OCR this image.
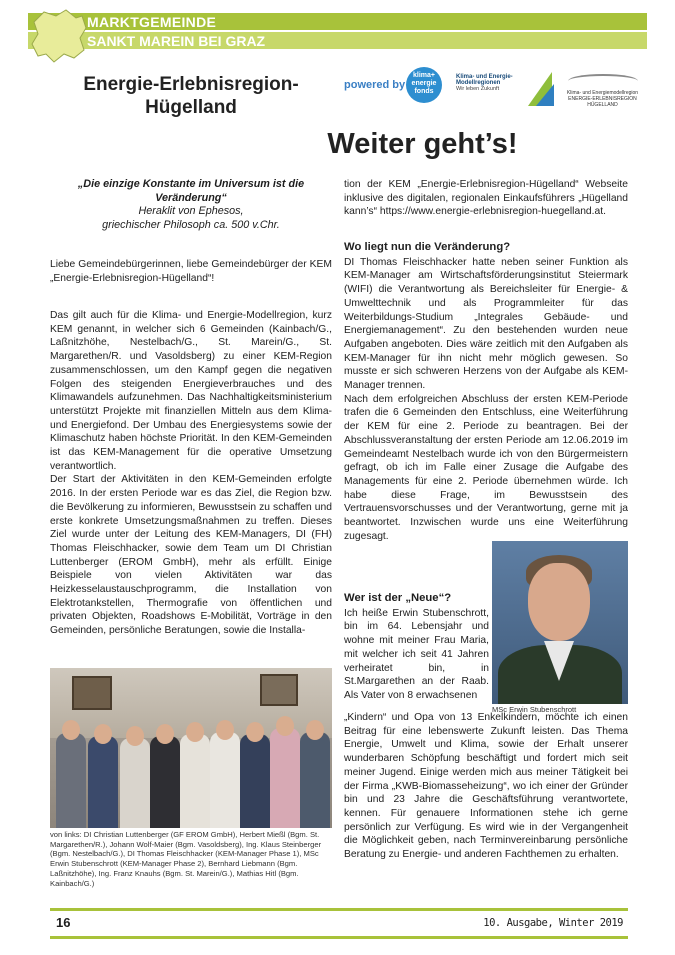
MARKTGEMEINDE
SANKT MAREIN BEI GRAZ
Energie-Erlebnisregion-Hügelland
powered by
klima+ energie fonds
Klima- und Energie-
Modellregionen
Wir leben Zukunft
Klima- und Energiemodellregion
ENERGIE-ERLEBNISREGION
HÜGELLAND
Weiter geht’s!
„Die einzige Konstante im Universum ist die Veränderung“
Heraklit von Ephesos,
griechischer Philosoph ca. 500 v.Chr.
Liebe Gemeindebürgerinnen, liebe Gemeindebürger der KEM „Energie-Erlebnisregion-Hügelland“!

Das gilt auch für die Klima- und Energie-Modellregion, kurz KEM genannt, in welcher sich 6 Gemeinden (Kainbach/G., Laßnitzhöhe, Nestelbach/G., St. Marein/G., St. Margarethen/R. und Vasoldsberg) zu einer KEM-Region zusammenschlossen, um den Kampf gegen die negativen Folgen des steigenden Energieverbrauches und des Klimawandels aufzunehmen. Das Nachhaltigkeitsministerium unterstützt Projekte mit finanziellen Mitteln aus dem Klima- und Energiefond. Der Umbau des Energiesystems sowie der Klimaschutz haben höchste Priorität. In den KEM-Gemeinden ist das KEM-Management für die operative Umsetzung verantwortlich.

Der Start der Aktivitäten in den KEM-Gemeinden erfolgte 2016. In der ersten Periode war es das Ziel, die Region bzw. die Bevölkerung zu informieren, Bewusstsein zu schaffen und erste konkrete Umsetzungsmaßnahmen zu treffen. Dieses Ziel wurde unter der Leitung des KEM-Managers, DI (FH) Thomas Fleischhacker, sowie dem Team um DI Christian Luttenberger (EROM GmbH), mehr als erfüllt. Einige Beispiele von vielen Aktivitäten war das Heizkesselaustauschprogramm, die Installation von Elektrotankstellen, Thermografie von öffentlichen und privaten Objekten, Roadshows E-Mobilität, Vorträge in den Gemeinden, persönliche Beratungen, sowie die Installa-

von links: DI Christian Luttenberger (GF EROM GmbH), Herbert Mießl (Bgm. St. Margarethen/R.), Johann Wolf-Maier (Bgm. Vasoldsberg), Ing. Klaus Steinberger (Bgm. Nestelbach/G.), DI Thomas Fleischhacker (KEM-Manager Phase 1), MSc Erwin Stubenschrott (KEM-Manager Phase 2), Bernhard Liebmann (Bgm. Laßnitzhöhe), Ing. Franz Knauhs (Bgm. St. Marein/G.), Mathias Hitl (Bgm. Kainbach/G.)
tion der KEM „Energie-Erlebnisregion-Hügelland“ Webseite inklusive des digitalen, regionalen Einkaufsführers „Hügelland kann’s“ https://www.energie-erlebnisregion-huegelland.at.
Wo liegt nun die Veränderung?

DI Thomas Fleischhacker hatte neben seiner Funktion als KEM-Manager am Wirtschaftsförderungsinstitut Steiermark (WIFI) die Verantwortung als Bereichsleiter für Energie- & Umwelttechnik und als Programmleiter für das Weiterbildungs-Studium „Integrales Gebäude- und Energiemanagement“. Zu den bestehenden wurden neue Aufgaben angeboten. Dies wäre zeitlich mit den Aufgaben als KEM-Manager für ihn nicht mehr möglich gewesen. So musste er sich schweren Herzens von der Aufgabe als KEM-Manager trennen.

Nach dem erfolgreichen Abschluss der ersten KEM-Periode trafen die 6 Gemeinden den Entschluss, eine Weiterführung der KEM für eine 2. Periode zu beantragen. Bei der Abschlussveranstaltung der ersten Periode am 12.06.2019 im Gemeindeamt Nestelbach wurde ich von den Bürgermeistern gefragt, ob ich im Falle einer Zusage die Aufgabe des Managements für eine 2. Periode übernehmen würde. Ich habe diese Frage, im Bewusstsein des Vertrauensvorschusses und der Verantwortung, gerne mit ja beantwortet. Inzwischen wurde uns eine Weiterführung zugesagt.

MSc Erwin Stubenschrott
Wer ist der „Neue“?

Ich heiße Erwin Stubenschrott, bin im 64. Lebensjahr und wohne mit meiner Frau Maria, mit welcher ich seit 41 Jahren verheiratet bin, in St.Margarethen an der Raab. Als Vater von 8 erwachsenen

„Kindern“ und Opa von 13 Enkelkindern, möchte ich einen Beitrag für eine lebenswerte Zukunft leisten. Das Thema Energie, Umwelt und Klima, sowie der Erhalt unserer wunderbaren Schöpfung beschäftigt und fordert mich seit meiner Jugend. Einige werden mich aus meiner Tätigkeit bei der Firma „KWB-Biomasseheizung“, wo ich einer der Gründer bin und 23 Jahre die Geschäftsführung verantwortete, kennen. Für genauere Informationen stehe ich gerne persönlich zur Verfügung. Es wird wie in der Vergangenheit die Möglichkeit geben, nach Terminvereinbarung persönliche Beratung zu Energie- und anderen Fachthemen zu erhalten.
16	10. Ausgabe, Winter 2019
